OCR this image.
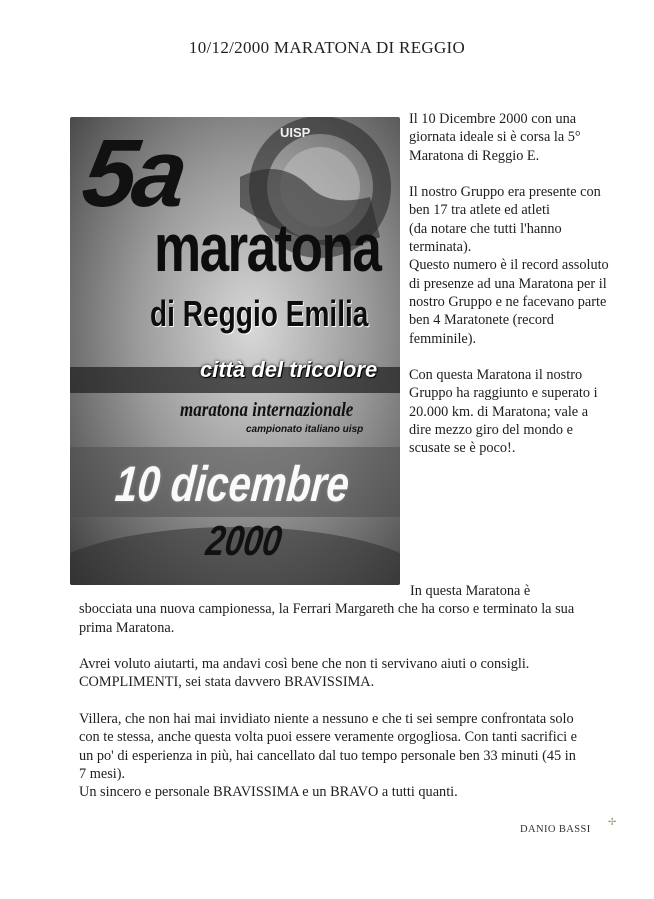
10/12/2000 MARATONA DI REGGIO
UISP
5a
maratona
di Reggio Emilia
città del tricolore
maratona internazionale
campionato italiano uisp
10 dicembre
2000

Il 10 Dicembre 2000 con una giornata ideale si è corsa la 5° Maratona di Reggio E.

Il nostro Gruppo era presente con ben 17 tra atlete ed atleti

(da notare che tutti l'hanno terminata).

Questo numero è il record assoluto di presenze ad una Maratona per il nostro Gruppo e ne facevano parte ben 4 Maratonete (record femminile).

Con questa Maratona il nostro Gruppo ha raggiunto e superato i 20.000 km. di Maratona; vale a dire mezzo giro del mondo e scusate se è poco!.

In questa Maratona è sbocciata una nuova campionessa, la Ferrari Margareth che ha corso e terminato la sua prima Maratona.

Avrei voluto aiutarti, ma andavi così bene che non ti servivano aiuti o consigli. COMPLIMENTI, sei stata davvero BRAVISSIMA.

Villera, che non hai mai invidiato niente a nessuno e che ti sei sempre confrontata solo con te stessa, anche questa volta puoi essere veramente orgogliosa. Con tanti sacrifici e un po' di esperienza in più, hai cancellato dal tuo tempo personale ben 33 minuti (45 in 7 mesi).

Un sincero e personale BRAVISSIMA e un BRAVO a tutti quanti.

DANIO BASSI
✢
